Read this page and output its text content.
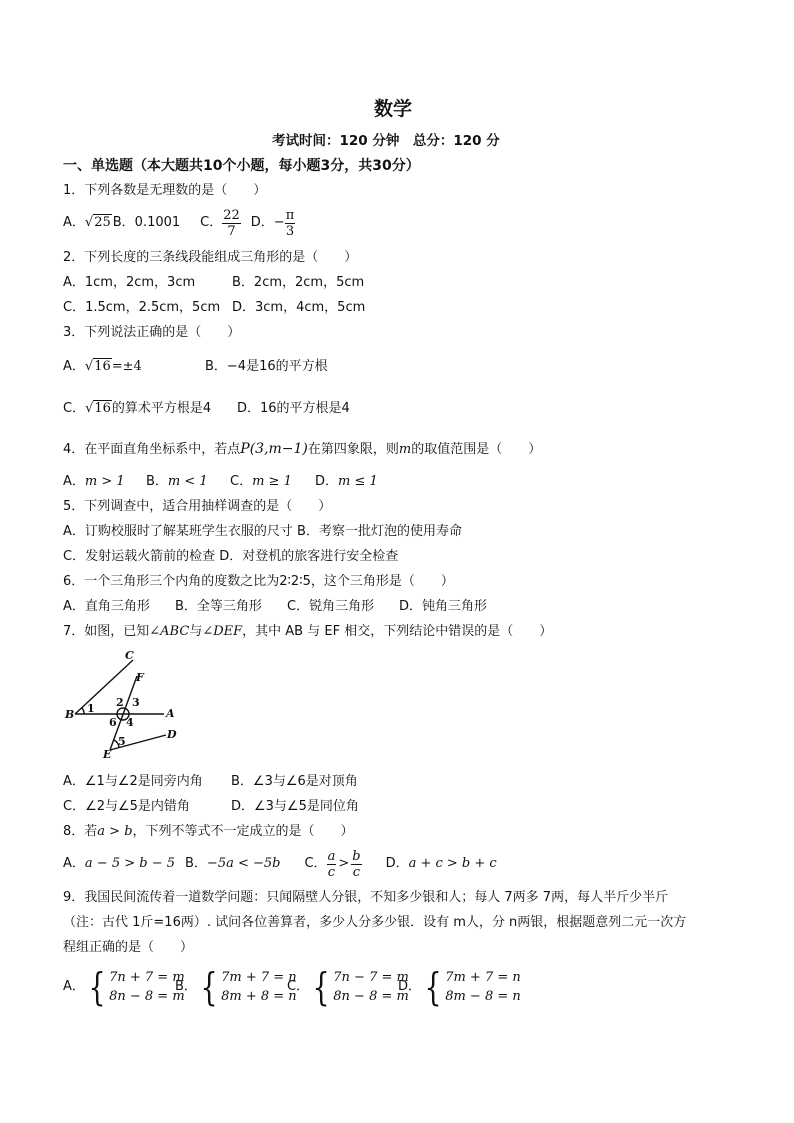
数学
考试时间：120 分钟　总分：120 分
一、单选题（本大题共10个小题，每小题3分，共30分）
1．下列各数是无理数的是（　　）
A． √25 B．0.1001 C． $\frac{22}{7}$ D．− $\frac{\pi}{3}$
2．下列长度的三条线段能组成三角形的是（　　）
A．1cm，2cm，3cm	B．2cm，2cm，5cm
C．1.5cm，2.5cm，5cm D．3cm，4cm，5cm
3．下列说法正确的是（　　）
A．√16=±4	B．−4是16的平方根
C．√16的算术平方根是4 D．16的平方根是4
4．在平面直角坐标系中，若点P(3,m−1)在第四象限，则m的取值范围是（　　）
A．m > 1 B．m < 1 C．m ≥ 1 D．m ≤ 1
5．下列调查中，适合用抽样调查的是（　　）
A．订购校服时了解某班学生衣服的尺寸 B．考察一批灯泡的使用寿命
C．发射运载火箭前的检查 D．对登机的旅客进行安全检查
6．一个三角形三个内角的度数之比为2∶2∶5，这个三角形是（　　）
A．直角三角形 B．全等三角形 C．锐角三角形 D．钝角三角形
7．如图，已知∠ABC与∠DEF，其中 AB 与 EF 相交，下列结论中错误的是（　　）
C
F
B	A
E
D
1 2 3
4
5
6
A．∠1与∠2是同旁内角 B．∠3与∠6是对顶角
C．∠2与∠5是内错角	D．∠3与∠5是同位角
8．若a > b，下列不等式不一定成立的是（　　）
A． a − 5 > b − 5 B． −5a < −5b C． $\frac{a}{c} > \frac{b}{c}$ D． a + c > b + c
9．我国民间流传着一道数学问题：只闻隔壁人分银，不知多少银和人；每人 7两多 7两，每人半斤少半斤
（注：古代 1斤=16两）. 试问各位善算者，多少人分多少银．设有 m人，分 n两银，根据题意列二元一次方
程组正确的是（　　）
A． { 7n + 7 = m
8n − 8 = m
B． { 7m + 7 = n
8m + 8 = n
C． { 7n − 7 = m
8n − 8 = m
D． { 7m + 7 = n
8m − 8 = n
